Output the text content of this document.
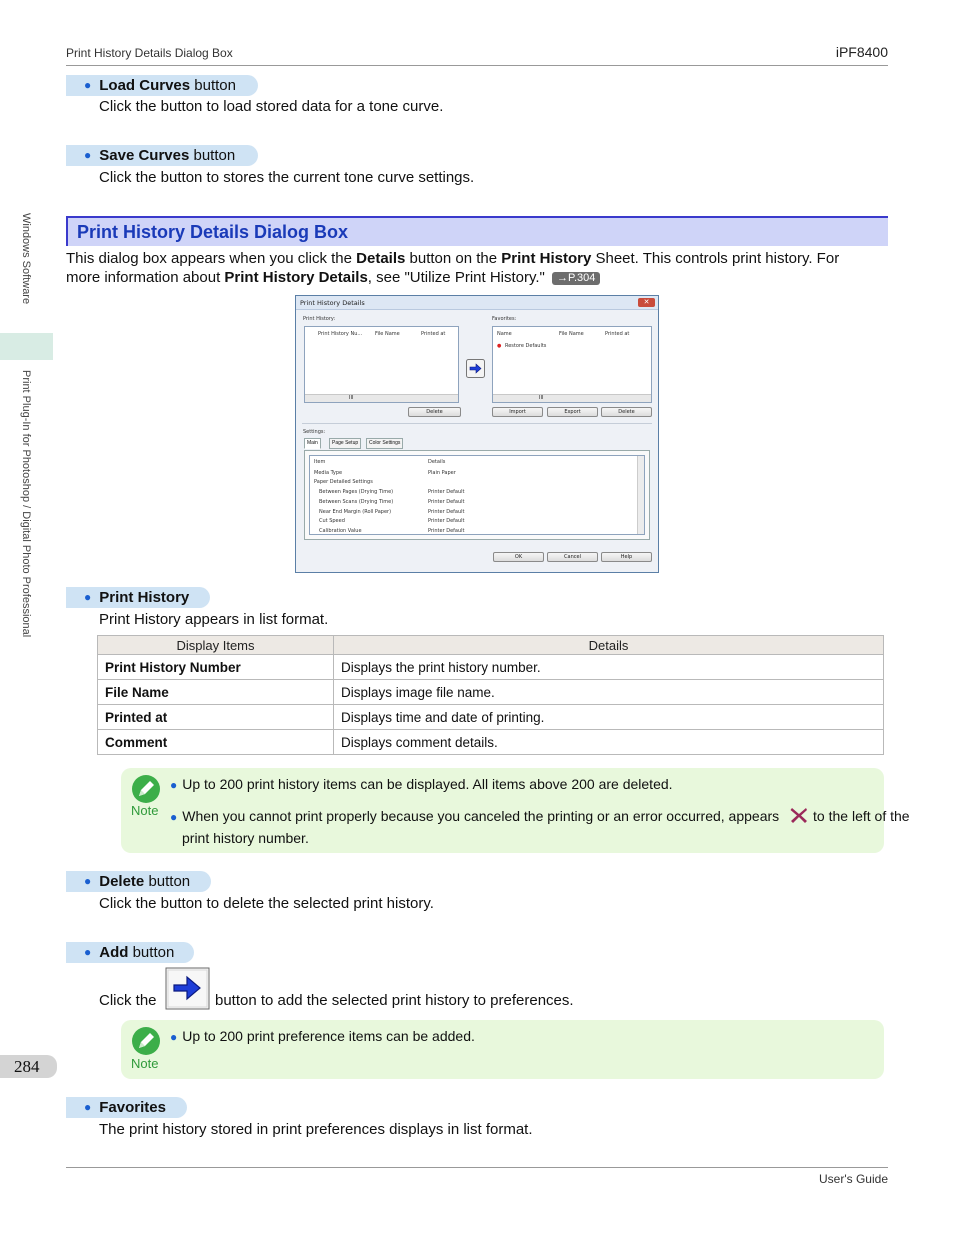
Print History Details Dialog Box	iPF8400
Windows Software
Print Plug-In for Photoshop / Digital Photo Professional
● Load Curves button
Click the button to load stored data for a tone curve.
● Save Curves button
Click the button to stores the current tone curve settings.
Print History Details Dialog Box
This dialog box appears when you click the Details button on the Print History Sheet. This controls print history. For
more information about Print History Details, see "Utilize Print History." →P.304
Print History Details	✕
Print History:	Favorites:
Print History Nu...	File Name	Printed at
III
Name	File Name	Printed at
● Restore Defaults
III
Delete	Import	Export	Delete
Settings:
Item	Details
Media Type	Plain Paper
Paper Detailed Settings
Between Pages (Drying Time)	Printer Default
Between Scans (Drying Time)	Printer Default
Near End Margin (Roll Paper)	Printer Default
Cut Speed	Printer Default
Calibration Value	Printer Default
OK	Cancel	Help
Main	Page Setup	Color Settings
● Print History
Print History appears in list format.
Display Items	Details
Print History Number	Displays the print history number.
File Name	Displays image file name.
Printed at	Displays time and date of printing.
Comment	Displays comment details.
Note
● Up to 200 print history items can be displayed. All items above 200 are deleted.
● When you cannot print properly because you canceled the printing or an error occurred, appears to the left of the
print history number.
● Delete button
Click the button to delete the selected print history.
● Add button
Click the	button to add the selected print history to preferences.
Note
● Up to 200 print preference items can be added.
284
● Favorites
The print history stored in print preferences displays in list format.
User's Guide
